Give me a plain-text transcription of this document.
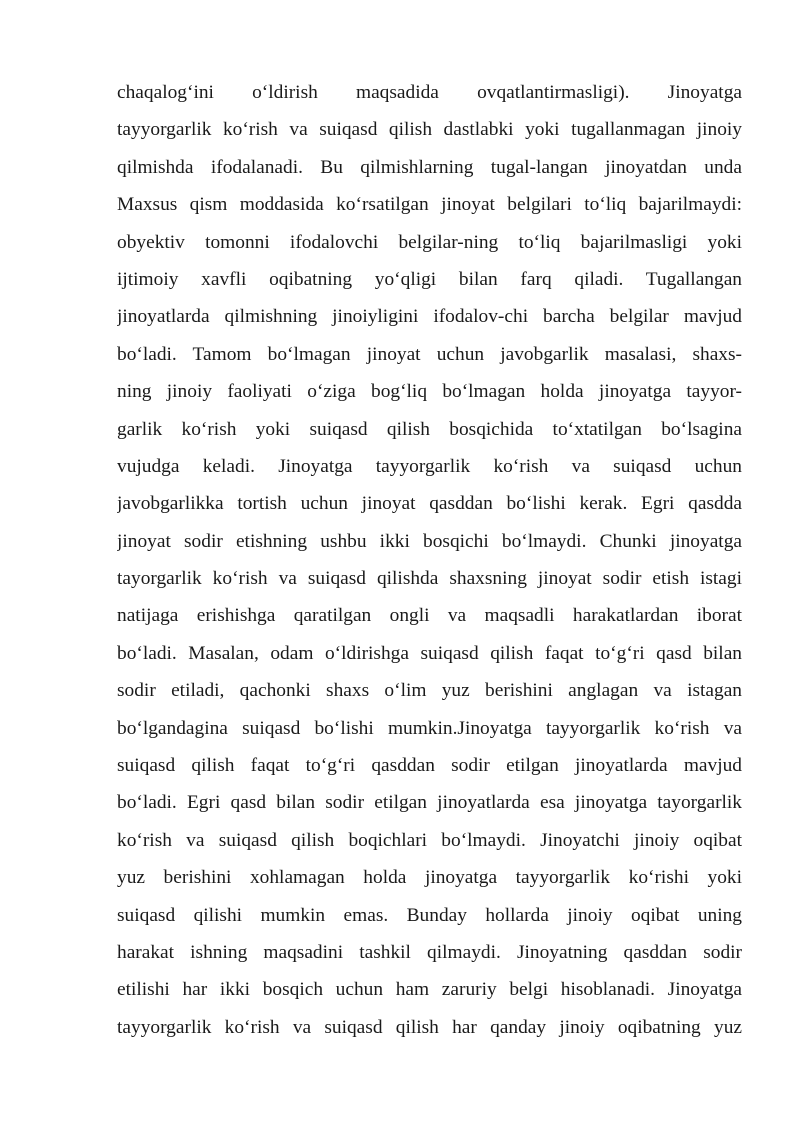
chaqalog‘ini o‘ldirish maqsadida ovqatlantirmasligi). Jinoyatga
tayyorgarlik ko‘rish va suiqasd qilish dastlabki yoki tugallanmagan jinoiy
qilmishda ifodalanadi. Bu qilmishlarning tugal-langan jinoyatdan unda
Maxsus qism moddasida ko‘rsatilgan jinoyat belgilari to‘liq bajarilmaydi:
obyektiv tomonni ifodalovchi belgilar-ning to‘liq bajarilmasligi yoki
ijtimoiy xavfli oqibatning yo‘qligi bilan farq qiladi. Tugallangan
jinoyatlarda qilmishning jinoiyligini ifodalov-chi barcha belgilar mavjud
bo‘ladi. Tamom bo‘lmagan jinoyat uchun javobgarlik masalasi, shaxs-
ning jinoiy faoliyati o‘ziga bog‘liq bo‘lmagan holda jinoyatga tayyor-
garlik ko‘rish yoki suiqasd qilish bosqichida to‘xtatilgan bo‘lsagina
vujudga keladi. Jinoyatga tayyorgarlik ko‘rish va suiqasd uchun
javobgarlikka tortish uchun jinoyat qasddan bo‘lishi kerak. Egri qasdda
jinoyat sodir etishning ushbu ikki bosqichi bo‘lmaydi. Chunki jinoyatga
tayorgarlik ko‘rish va suiqasd qilishda shaxsning jinoyat sodir etish istagi
natijaga erishishga qaratilgan ongli va maqsadli harakatlardan iborat
bo‘ladi. Masalan, odam o‘ldirishga suiqasd qilish faqat to‘g‘ri qasd bilan
sodir etiladi, qachonki shaxs o‘lim yuz berishini anglagan va istagan
bo‘lgandagina suiqasd bo‘lishi mumkin.Jinoyatga tayyorgarlik ko‘rish va
suiqasd qilish faqat to‘g‘ri qasddan sodir etilgan jinoyatlarda mavjud
bo‘ladi. Egri qasd bilan sodir etilgan jinoyatlarda esa jinoyatga tayorgarlik
ko‘rish va suiqasd qilish boqichlari bo‘lmaydi. Jinoyatchi jinoiy oqibat
yuz berishini xohlamagan holda jinoyatga tayyorgarlik ko‘rishi yoki
suiqasd qilishi mumkin emas. Bunday hollarda jinoiy oqibat uning
harakat ishning maqsadini tashkil qilmaydi. Jinoyatning qasddan sodir
etilishi har ikki bosqich uchun ham zaruriy belgi hisoblanadi. Jinoyatga
tayyorgarlik ko‘rish va suiqasd qilish har qanday jinoiy oqibatning yuz
